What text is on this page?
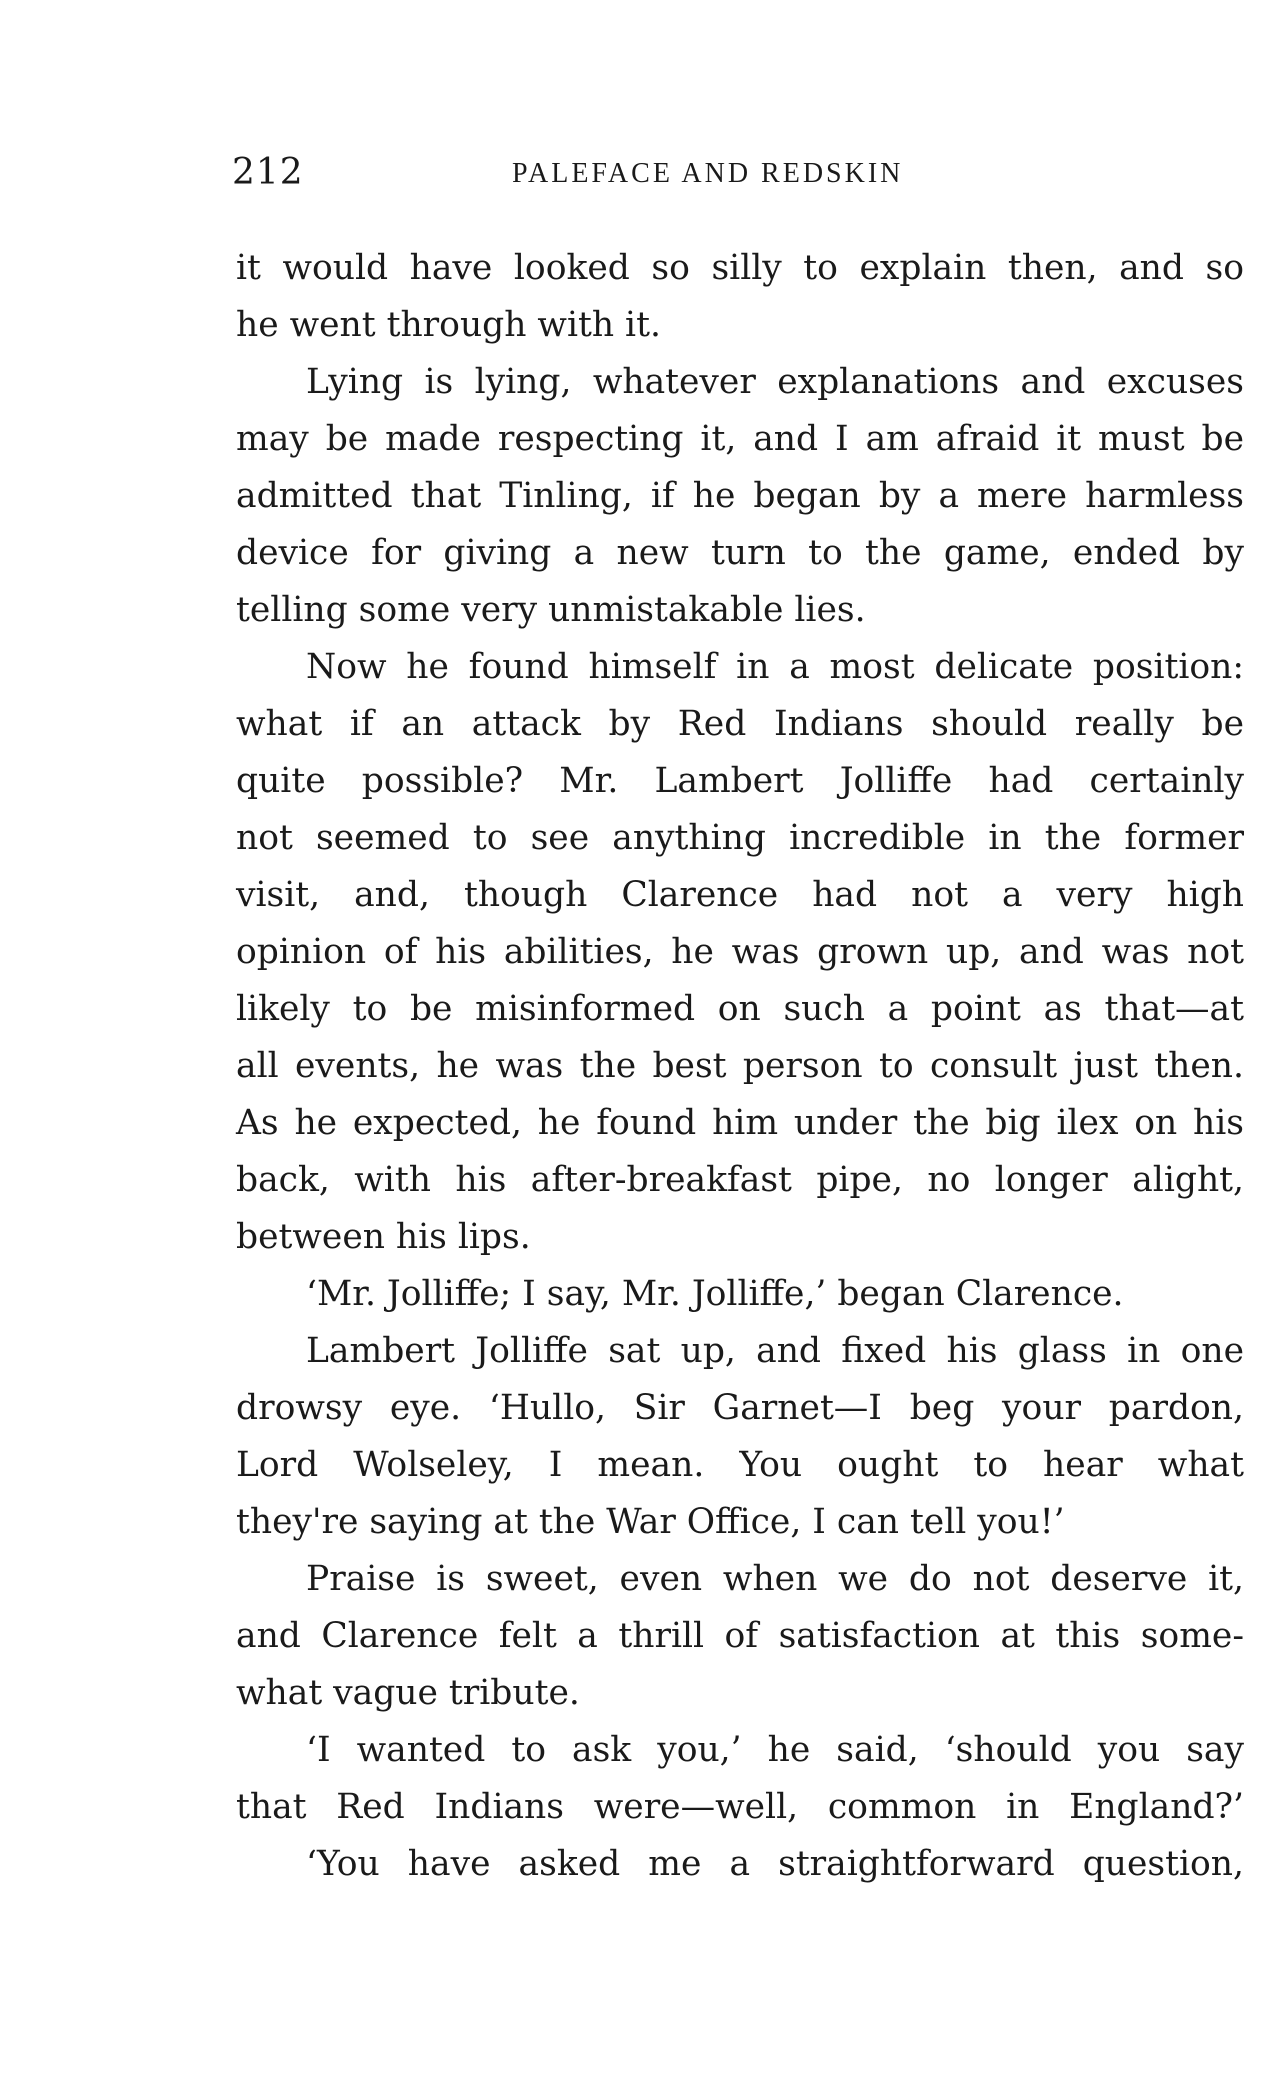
212	PALEFACE AND REDSKIN
it would have looked so silly to explain then, and so
he went through with it.
Lying is lying, whatever explanations and excuses
may be made respecting it, and I am afraid it must be
admitted that Tinling, if he began by a mere harmless
device for giving a new turn to the game, ended by
telling some very unmistakable lies.
Now he found himself in a most delicate position:
what if an attack by Red Indians should really be
quite possible? Mr. Lambert Jolliffe had certainly
not seemed to see anything incredible in the former
visit, and, though Clarence had not a very high
opinion of his abilities, he was grown up, and was not
likely to be misinformed on such a point as that—at
all events, he was the best person to consult just then.
As he expected, he found him under the big ilex on his
back, with his after-breakfast pipe, no longer alight,
between his lips.
‘Mr. Jolliffe; I say, Mr. Jolliffe,’ began Clarence.
Lambert Jolliffe sat up, and fixed his glass in one
drowsy eye. ‘Hullo, Sir Garnet—I beg your pardon,
Lord Wolseley, I mean. You ought to hear what
they're saying at the War Office, I can tell you!’
Praise is sweet, even when we do not deserve it,
and Clarence felt a thrill of satisfaction at this some-
what vague tribute.
‘I wanted to ask you,’ he said, ‘should you say
that Red Indians were—well, common in England?’
‘You have asked me a straightforward question,
